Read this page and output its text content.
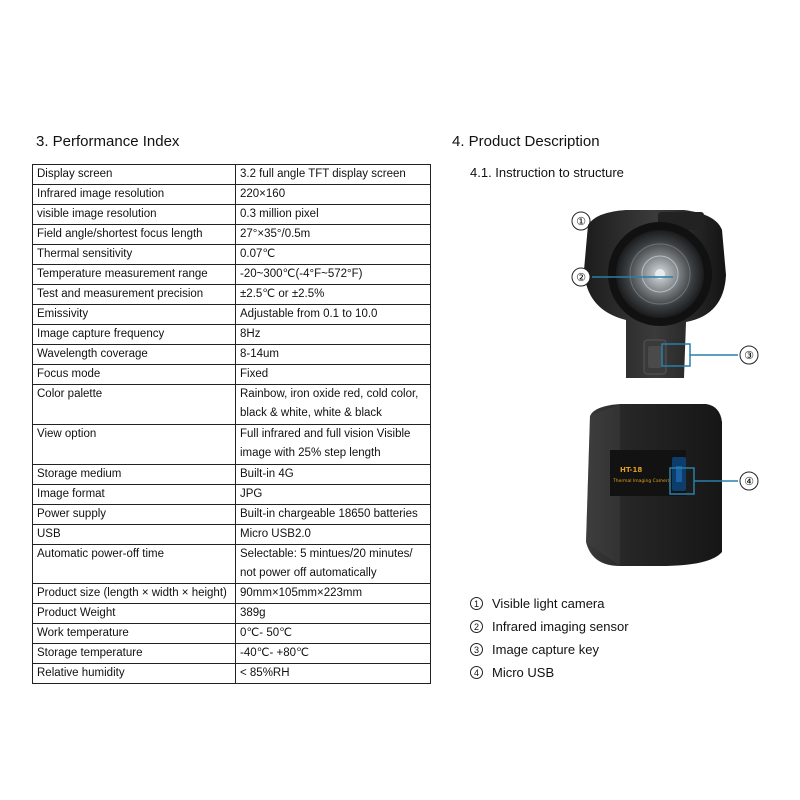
3. Performance Index
Display screen	3.2 full angle TFT display screen
Infrared image resolution	220×160
visible image resolution	0.3 million pixel
Field angle/shortest focus length	27°×35°/0.5m
Thermal sensitivity	0.07℃
Temperature measurement range	-20~300℃(-4°F~572°F)
Test and measurement precision	±2.5℃ or ±2.5%
Emissivity	Adjustable from 0.1 to 10.0
Image capture frequency	8Hz
Wavelength coverage	8-14um
Focus mode	Fixed
Color palette	Rainbow, iron oxide red, cold color, black & white, white & black
View option	Full infrared and full vision Visible image with 25% step length
Storage medium	Built-in 4G
Image format	JPG
Power supply	Built-in chargeable 18650 batteries
USB	Micro USB2.0
Automatic power-off time	Selectable: 5 mintues/20 minutes/ not power off automatically
Product size (length × width × height)	90mm×105mm×223mm
Product Weight	389g
Work temperature	0℃- 50℃
Storage temperature	-40℃- +80℃
Relative humidity	< 85%RH
4. Product Description
4.1. Instruction to structure
①
②
③
HT-18
Thermal Imaging Camera	④
1	Visible light camera
2	Infrared imaging sensor
3	Image capture key
4	Micro USB
